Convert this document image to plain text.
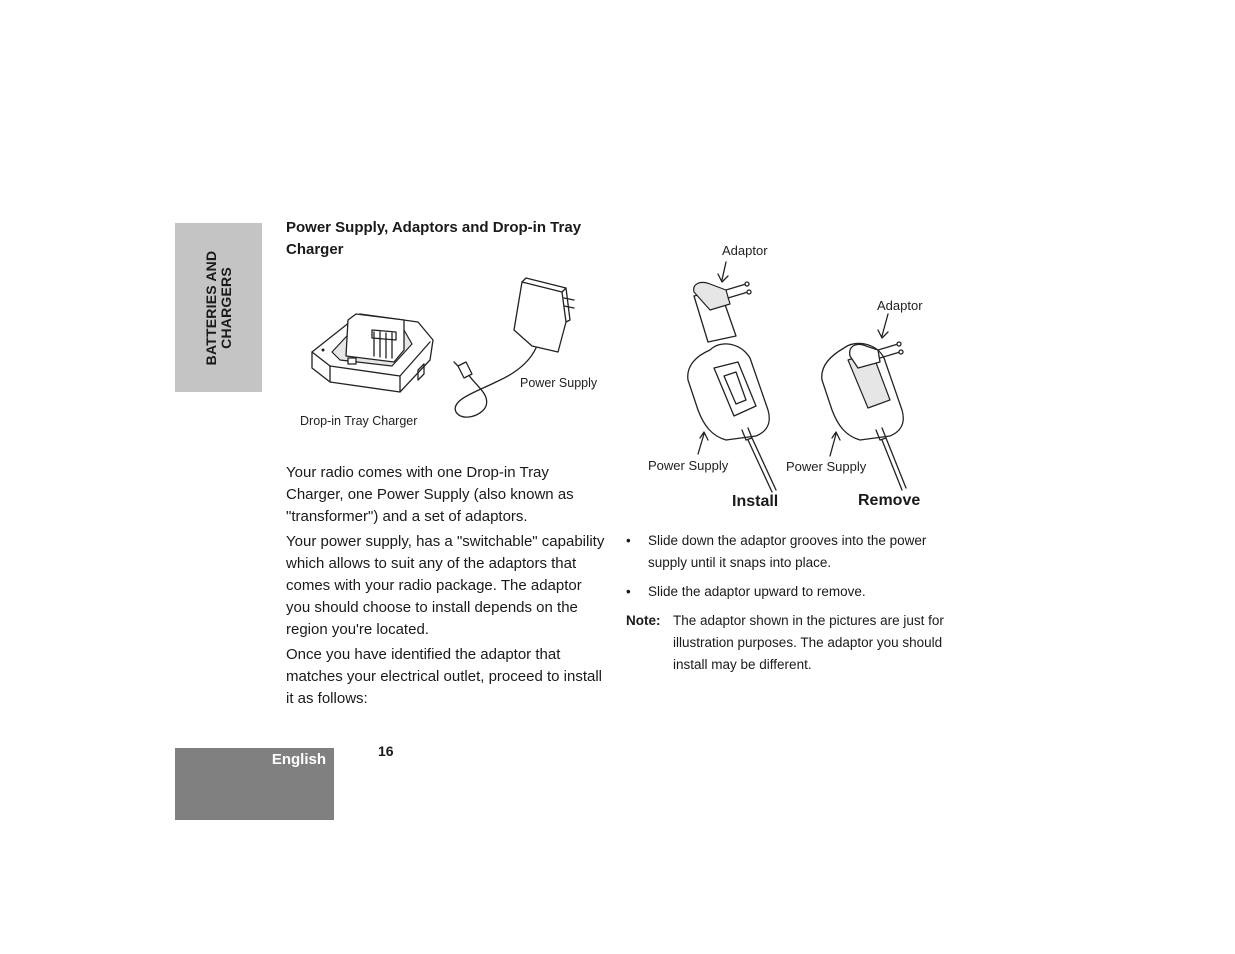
BATTERIES AND CHARGERS
English	16
Power Supply, Adaptors and Drop-in Tray Charger
Power Supply
Drop-in Tray Charger
Adaptor
Adaptor
Power Supply	Power Supply
Install	Remove

Your radio comes with one Drop-in Tray Charger, one Power Supply (also known as "transformer") and a set of adaptors.

Your power supply, has a "switchable" capability which allows to suit any of the adaptors that comes with your radio package. The adaptor you should choose to install depends on the region you're located.

Once you have identified the adaptor that matches your electrical outlet, proceed to install it as follows:

•	Slide down the adaptor grooves into the power supply until it snaps into place.
•	Slide the adaptor upward to remove.
Note: The adaptor shown in the pictures are just for illustration purposes. The adaptor you should install may be different.
